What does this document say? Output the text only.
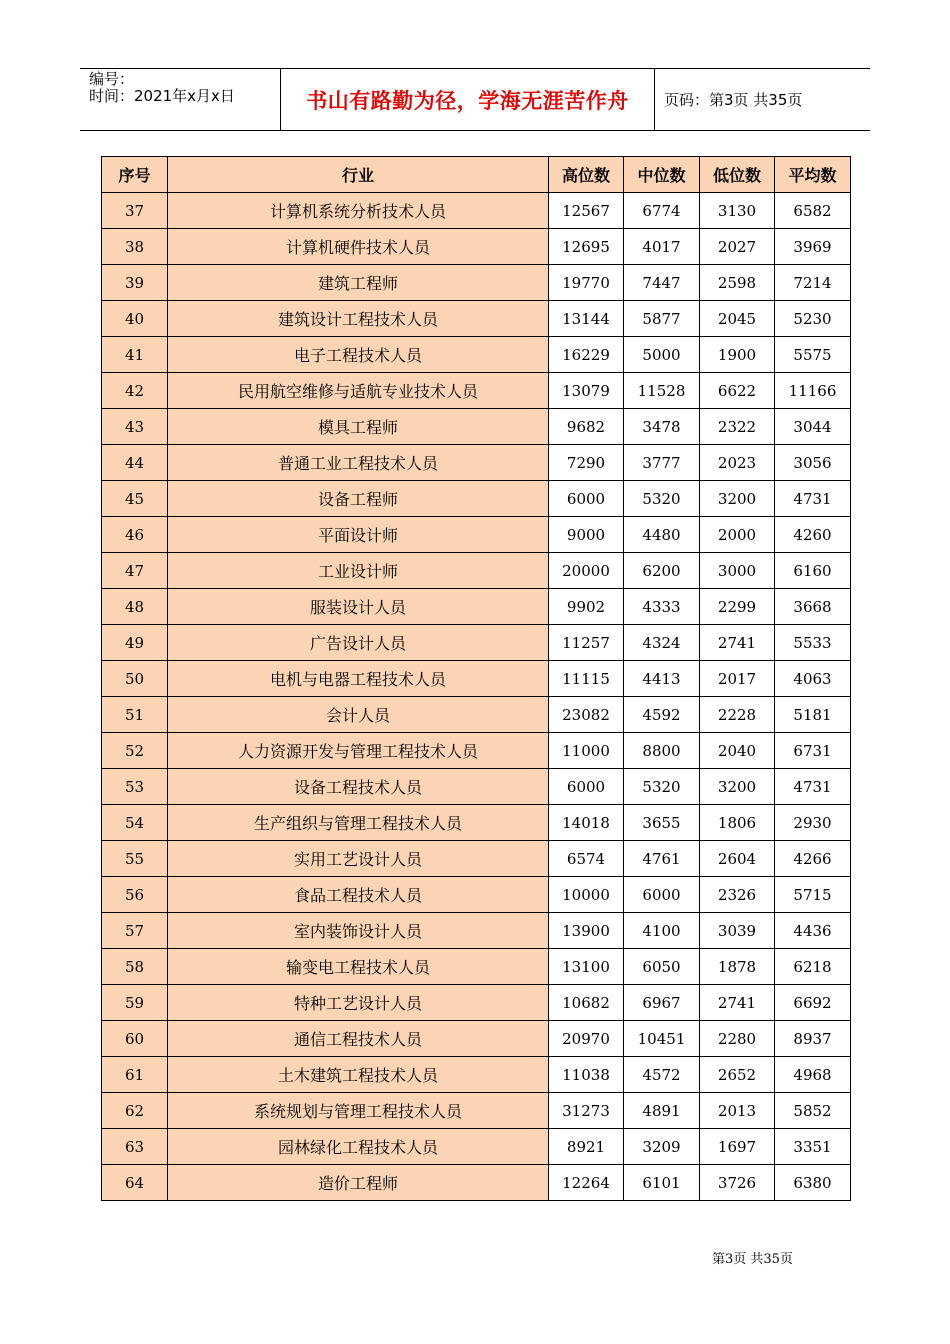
编号：
时间：2021年x月x日	书山有路勤为径，学海无涯苦作舟	页码：第3页 共35页
序号	行业	高位数	中位数	低位数	平均数
37	计算机系统分析技术人员	12567	6774	3130	6582
38	计算机硬件技术人员	12695	4017	2027	3969
39	建筑工程师	19770	7447	2598	7214
40	建筑设计工程技术人员	13144	5877	2045	5230
41	电子工程技术人员	16229	5000	1900	5575
42	民用航空维修与适航专业技术人员	13079	11528	6622	11166
43	模具工程师	9682	3478	2322	3044
44	普通工业工程技术人员	7290	3777	2023	3056
45	设备工程师	6000	5320	3200	4731
46	平面设计师	9000	4480	2000	4260
47	工业设计师	20000	6200	3000	6160
48	服装设计人员	9902	4333	2299	3668
49	广告设计人员	11257	4324	2741	5533
50	电机与电器工程技术人员	11115	4413	2017	4063
51	会计人员	23082	4592	2228	5181
52	人力资源开发与管理工程技术人员	11000	8800	2040	6731
53	设备工程技术人员	6000	5320	3200	4731
54	生产组织与管理工程技术人员	14018	3655	1806	2930
55	实用工艺设计人员	6574	4761	2604	4266
56	食品工程技术人员	10000	6000	2326	5715
57	室内装饰设计人员	13900	4100	3039	4436
58	输变电工程技术人员	13100	6050	1878	6218
59	特种工艺设计人员	10682	6967	2741	6692
60	通信工程技术人员	20970	10451	2280	8937
61	土木建筑工程技术人员	11038	4572	2652	4968
62	系统规划与管理工程技术人员	31273	4891	2013	5852
63	园林绿化工程技术人员	8921	3209	1697	3351
64	造价工程师	12264	6101	3726	6380
第3页 共35页
